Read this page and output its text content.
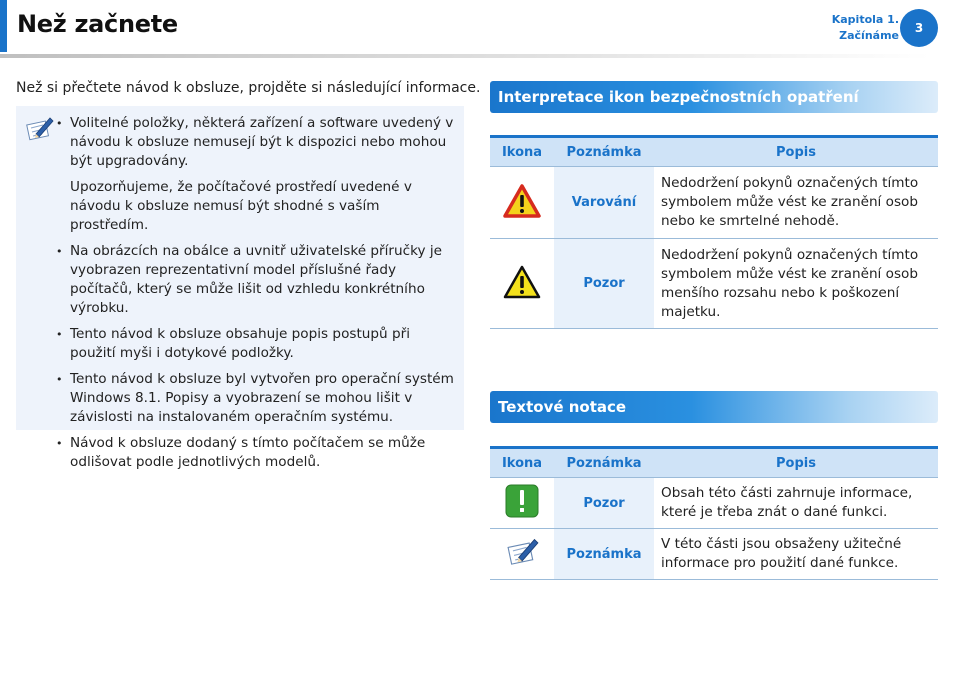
Než začnete	Kapitola 1.
Začínáme
3
Než si přečtete návod k obsluze, projděte si následující informace.

• Volitelné položky, některá zařízení a software uvedený v návodu k obsluze nemusejí být k dispozici nebo mohou být upgradovány.

Upozorňujeme, že počítačové prostředí uvedené v návodu k obsluze nemusí být shodné s vaším prostředím.

• Na obrázcích na obálce a uvnitř uživatelské příručky je vyobrazen reprezentativní model příslušné řady počítačů, který se může lišit od vzhledu konkrétního výrobku.

• Tento návod k obsluze obsahuje popis postupů při použití myši i dotykové podložky.

• Tento návod k obsluze byl vytvořen pro operační systém Windows 8.1. Popisy a vyobrazení se mohou lišit v závislosti na instalovaném operačním systému.

• Návod k obsluze dodaný s tímto počítačem se může odlišovat podle jednotlivých modelů.

Interpretace ikon bezpečnostních opatření
Ikona	Poznámka	Popis
	Varování	Nedodržení pokynů označených tímto symbolem může vést ke zranění osob nebo ke smrtelné nehodě.
	Pozor	Nedodržení pokynů označených tímto symbolem může vést ke zranění osob menšího rozsahu nebo k poškození majetku.
Textové notace
Ikona	Poznámka	Popis
	Pozor	Obsah této části zahrnuje informace, které je třeba znát o dané funkci.
	Poznámka	V této části jsou obsaženy užitečné informace pro použití dané funkce.
